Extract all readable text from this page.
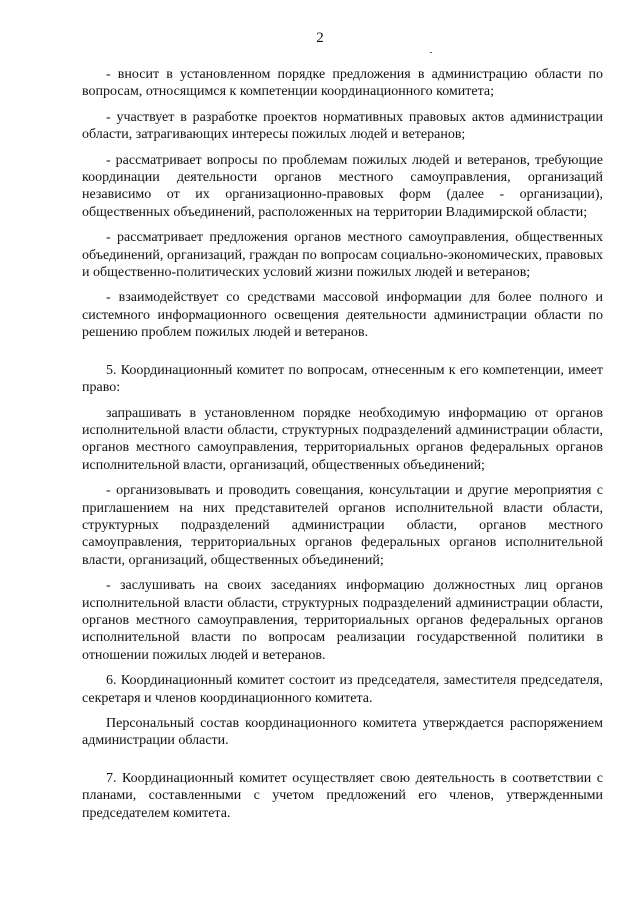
2

- вносит в установленном порядке предложения в администрацию области по вопросам, относящимся к компетенции координационного комитета;

- участвует в разработке проектов нормативных правовых актов администрации области, затрагивающих интересы пожилых людей и ветеранов;

- рассматривает вопросы по проблемам пожилых людей и ветеранов, требующие координации деятельности органов местного самоуправления, организаций независимо от их организационно-правовых форм (далее - организации), общественных объединений, расположенных на территории Владимирской области;

- рассматривает предложения органов местного самоуправления, общественных объединений, организаций, граждан по вопросам социально-экономических, правовых и общественно-политических условий жизни пожилых людей и ветеранов;

- взаимодействует со средствами массовой информации для более полного и системного информационного освещения деятельности администрации области по решению проблем пожилых людей и ветеранов.

5. Координационный комитет по вопросам, отнесенным к его компетенции, имеет право:

запрашивать в установленном порядке необходимую информацию от органов исполнительной власти области, структурных подразделений администрации области, органов местного самоуправления, территориальных органов федеральных органов исполнительной власти, организаций, общественных объединений;

- организовывать и проводить совещания, консультации и другие мероприятия с приглашением на них представителей органов исполнительной власти области, структурных подразделений администрации области, органов местного самоуправления, территориальных органов федеральных органов исполнительной власти, организаций, общественных объединений;

- заслушивать на своих заседаниях информацию должностных лиц органов исполнительной власти области, структурных подразделений администрации области, органов местного самоуправления, территориальных органов федеральных органов исполнительной власти по вопросам реализации государственной политики в отношении пожилых людей и ветеранов.

6. Координационный комитет состоит из председателя, заместителя председателя, секретаря и членов координационного комитета.

Персональный состав координационного комитета утверждается распоряжением администрации области.

7. Координационный комитет осуществляет свою деятельность в соответствии с планами, составленными с учетом предложений его членов, утвержденными председателем комитета.
